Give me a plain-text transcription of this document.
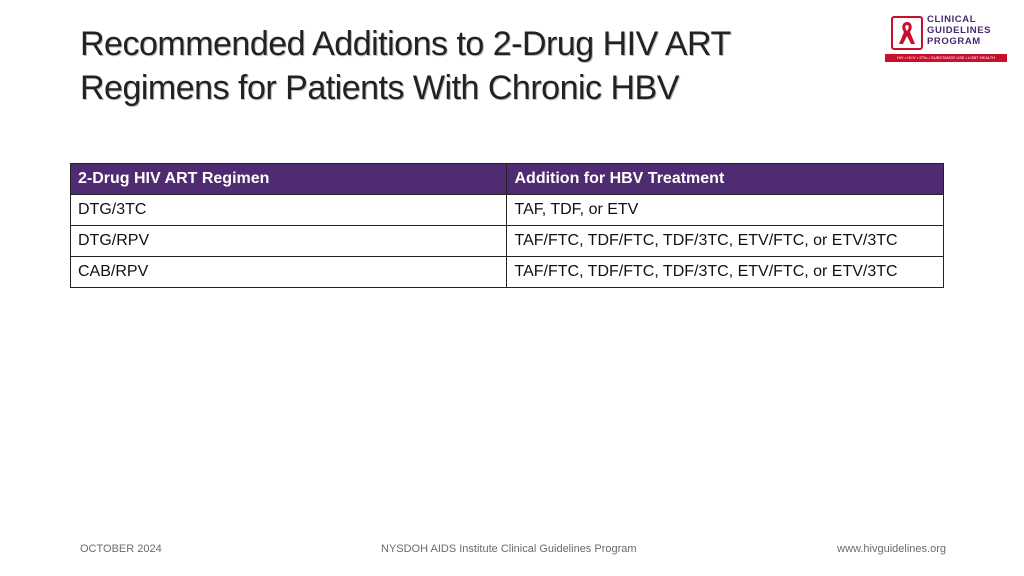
Recommended Additions to 2-Drug HIV ART
Regimens for Patients With Chronic HBV
CLINICAL
GUIDELINES
PROGRAM
HIV • HCV • STIs • SUBSTANCE USE • LGBT HEALTH
2-Drug HIV ART Regimen	Addition for HBV Treatment
DTG/3TC	TAF, TDF, or ETV
DTG/RPV	TAF/FTC, TDF/FTC, TDF/3TC, ETV/FTC, or ETV/3TC
CAB/RPV	TAF/FTC, TDF/FTC, TDF/3TC, ETV/FTC, or ETV/3TC
OCTOBER 2024	NYSDOH AIDS Institute Clinical Guidelines Program	www.hivguidelines.org
